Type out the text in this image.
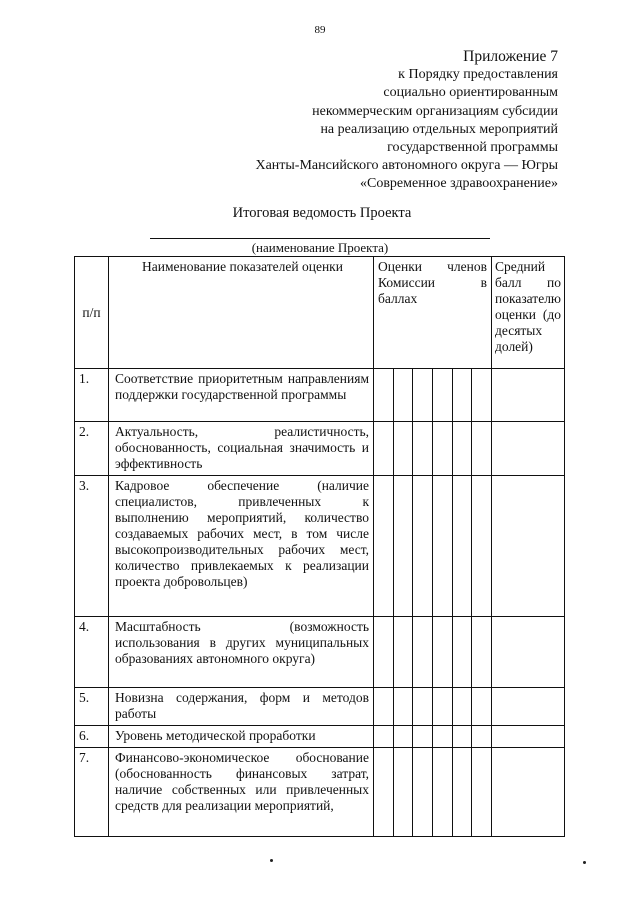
89
Приложение 7
к Порядку предоставления
социально ориентированным
некоммерческим организациям субсидии
на реализацию отдельных мероприятий
государственной программы
Ханты-Мансийского автономного округа — Югры
«Современное здравоохранение»
Итоговая ведомость Проекта
(наименование Проекта)
п/п	Наименование показателей оценки	Оценки членов Комиссии в баллах	Средний балл по показателю оценки (до десятых долей)
1.	Соответствие приоритетным направлениям поддержки государственной программы	

2.	Актуальность, реалистичность, обоснованность, социальная значимость и эффективность	

3.	Кадровое обеспечение (наличие специалистов, привлеченных к выполнению мероприятий, количество создаваемых рабочих мест, в том числе высокопроизводительных рабочих мест, количество привлекаемых к реализации проекта добровольцев)	

4.	Масштабность (возможность использования в других муниципальных образованиях автономного округа)	

5.	Новизна содержания, форм и методов работы	

6.	Уровень методической проработки	

7.	Финансово-экономическое обоснование (обоснованность финансовых затрат, наличие собственных или привлеченных средств для реализации мероприятий,	
